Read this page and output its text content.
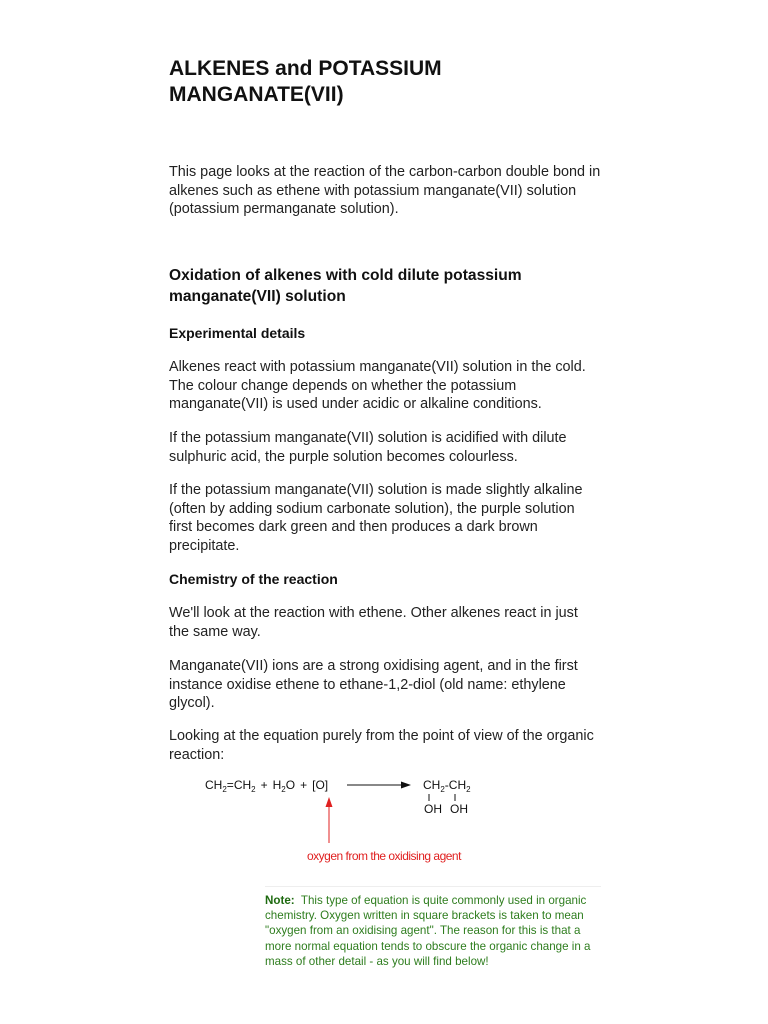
ALKENES and POTASSIUM MANGANATE(VII)

This page looks at the reaction of the carbon-carbon double bond in alkenes such as ethene with potassium manganate(VII) solution (potassium permanganate solution).

Oxidation of alkenes with cold dilute potassium manganate(VII) solution

Experimental details

Alkenes react with potassium manganate(VII) solution in the cold. The colour change depends on whether the potassium manganate(VII) is used under acidic or alkaline conditions.

If the potassium manganate(VII) solution is acidified with dilute sulphuric acid, the purple solution becomes colourless.

If the potassium manganate(VII) solution is made slightly alkaline (often by adding sodium carbonate solution), the purple solution first becomes dark green and then produces a dark brown precipitate.

Chemistry of the reaction

We'll look at the reaction with ethene. Other alkenes react in just the same way.

Manganate(VII) ions are a strong oxidising agent, and in the first instance oxidise ethene to ethane-1,2-diol (old name: ethylene glycol).

Looking at the equation purely from the point of view of the organic reaction:

$CH_2=CH_2 + H_2O + [O]$	$CH_2-CH_2$
OH OH
oxygen from the oxidising agent
Note: This type of equation is quite commonly used in organic chemistry. Oxygen written in square brackets is taken to mean "oxygen from an oxidising agent". The reason for this is that a more normal equation tends to obscure the organic change in a mass of other detail - as you will find below!
